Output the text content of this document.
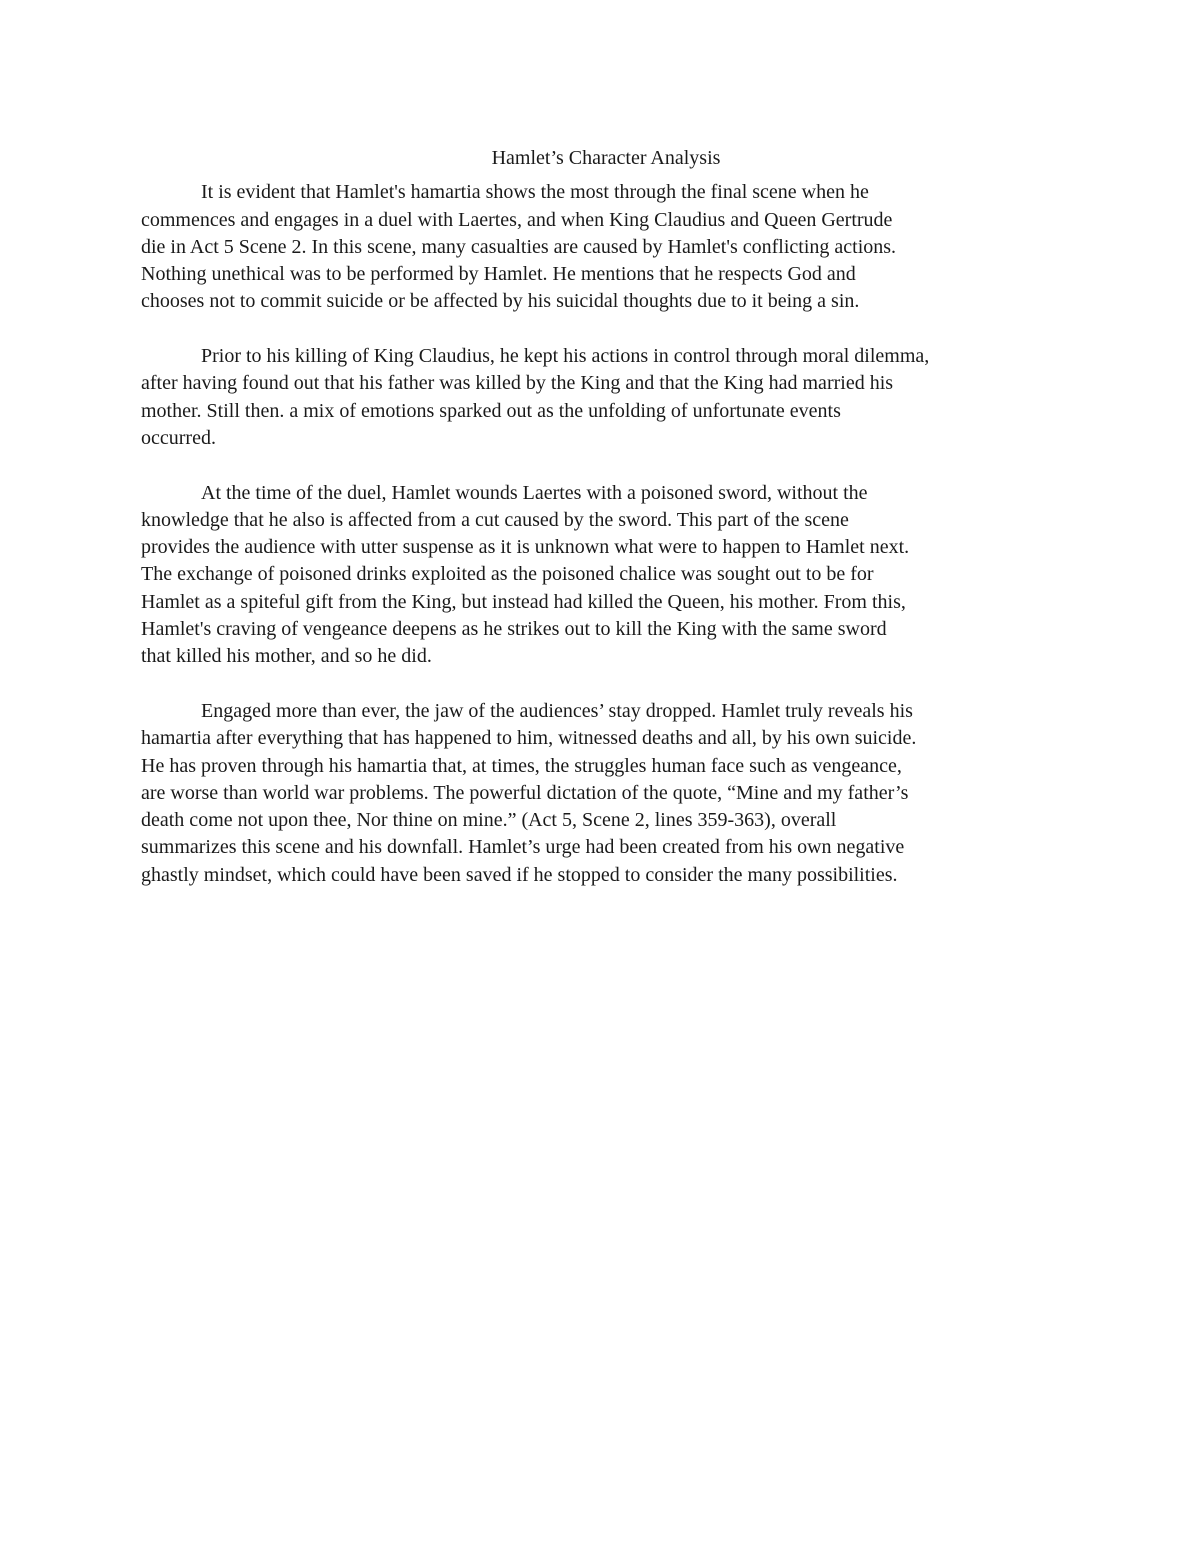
Hamlet’s Character Analysis
It is evident that Hamlet's hamartia shows the most through the final scene when he
commences and engages in a duel with Laertes, and when King Claudius and Queen Gertrude
die in Act 5 Scene 2. In this scene, many casualties are caused by Hamlet's conflicting actions.
Nothing unethical was to be performed by Hamlet. He mentions that he respects God and
chooses not to commit suicide or be affected by his suicidal thoughts due to it being a sin.
Prior to his killing of King Claudius, he kept his actions in control through moral dilemma,
after having found out that his father was killed by the King and that the King had married his
mother. Still then. a mix of emotions sparked out as the unfolding of unfortunate events
occurred.
At the time of the duel, Hamlet wounds Laertes with a poisoned sword, without the
knowledge that he also is affected from a cut caused by the sword. This part of the scene
provides the audience with utter suspense as it is unknown what were to happen to Hamlet next.
The exchange of poisoned drinks exploited as the poisoned chalice was sought out to be for
Hamlet as a spiteful gift from the King, but instead had killed the Queen, his mother. From this,
Hamlet's craving of vengeance deepens as he strikes out to kill the King with the same sword
that killed his mother, and so he did.
Engaged more than ever, the jaw of the audiences’ stay dropped. Hamlet truly reveals his
hamartia after everything that has happened to him, witnessed deaths and all, by his own suicide.
He has proven through his hamartia that, at times, the struggles human face such as vengeance,
are worse than world war problems. The powerful dictation of the quote, “Mine and my father’s
death come not upon thee, Nor thine on mine.” (Act 5, Scene 2, lines 359-363), overall
summarizes this scene and his downfall. Hamlet’s urge had been created from his own negative
ghastly mindset, which could have been saved if he stopped to consider the many possibilities.
